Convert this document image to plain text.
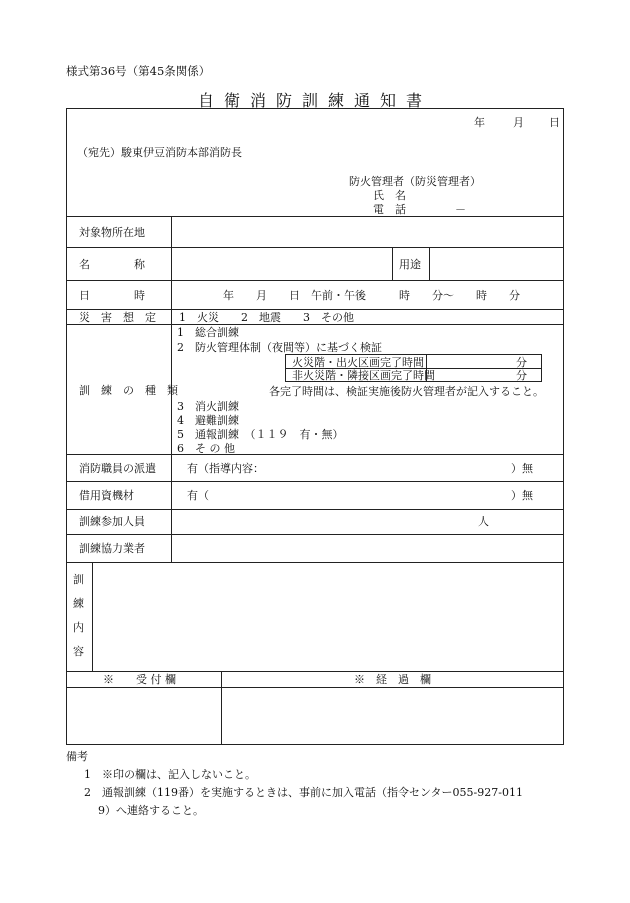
様式第36号（第45条関係）
自衛消防訓練通知書
年	月 日
（宛先）駿東伊豆消防本部消防長
防火管理者（防災管理者）
氏　名
電　話	－
対象物所在地
名　　　　称	用途
日　　　　時	年　　月　　日　午前・午後　　　時　　分～　　時　　分
災　害　想　定 1　火災　　2　地震　　3　その他
訓　練　の　種　類
1　総合訓練
2　防火管理体制（夜間等）に基づく検証
火災階・出火区画完了時間	分
非火災階・隣接区画完了時間	分
各完了時間は、検証実施後防火管理者が記入すること。
3　消火訓練
4　避難訓練
5　通報訓練　（１１９　有・無）
6　そ の 他
消防職員の派遣	有（指導内容：	）無
借用資機材	有（	）無
訓練参加人員	人
訓練協力業者
訓
練
内
容
※　　受 付 欄	※　経　過　欄
備考
1　※印の欄は、記入しないこと。
2　通報訓練（119番）を実施するときは、事前に加入電話（指令センター055-927-011
9）へ連絡すること。
